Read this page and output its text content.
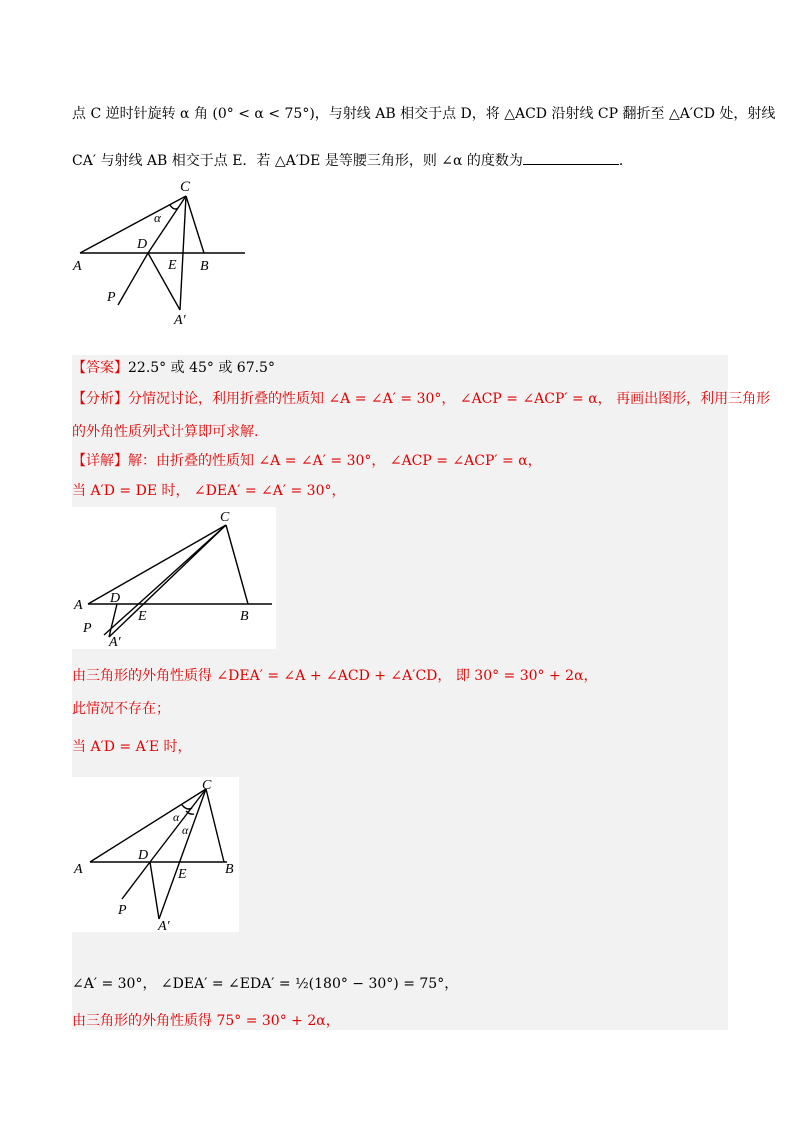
点 C 逆时针旋转 α 角 (0° < α < 75°)，与射线 AB 相交于点 D，将 △ACD 沿射线 CP 翻折至 △A′CD 处，射线
CA′ 与射线 AB 相交于点 E．若 △A′DE 是等腰三角形，则 ∠α 的度数为	．
C
α
D
A	E B
P
A′
【答案】22.5° 或 45° 或 67.5°
【分析】分情况讨论，利用折叠的性质知 ∠A = ∠A′ = 30°， ∠ACP = ∠ACP′ = α， 再画出图形，利用三角形
的外角性质列式计算即可求解.
【详解】解：由折叠的性质知 ∠A = ∠A′ = 30°， ∠ACP = ∠ACP′ = α，
当 A′D = DE 时， ∠DEA′ = ∠A′ = 30°，
C
A D
E	B
P
A′
由三角形的外角性质得 ∠DEA′ = ∠A + ∠ACD + ∠A′CD， 即 30° = 30° + 2α，
此情况不存在；
当 A′D = A′E 时，
C
α
α
A
D
E	B
P
A′
∠A′ = 30°， ∠DEA′ = ∠EDA′ = ½(180° − 30°) = 75°，
由三角形的外角性质得 75° = 30° + 2α，
